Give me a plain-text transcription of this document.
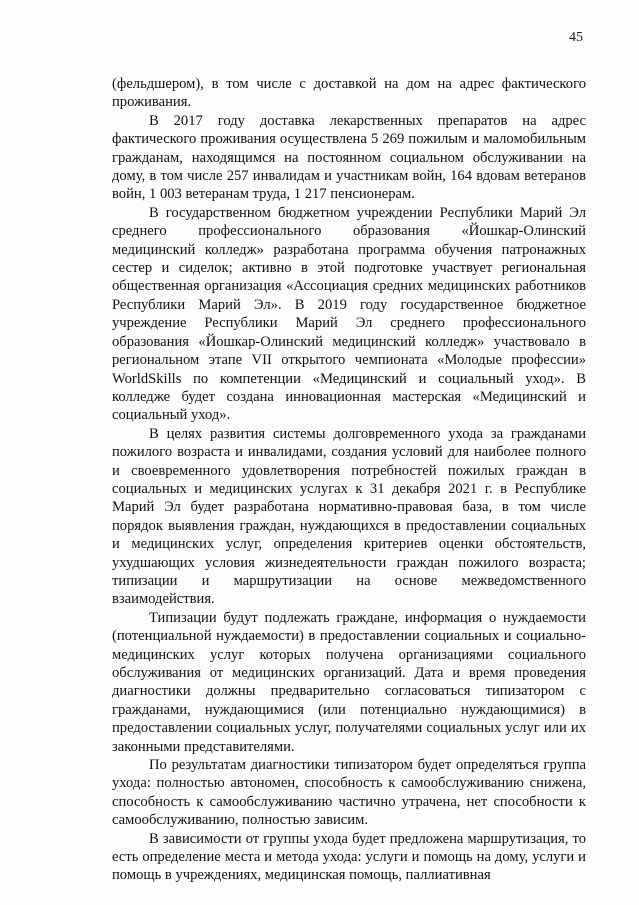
45
·
·
·
·
·

(фельдшером), в том числе с доставкой на дом на адрес фактического проживания.

В 2017 году доставка лекарственных препаратов на адрес фактического проживания осуществлена 5 269 пожилым и маломобильным гражданам, находящимся на постоянном социальном обслуживании на дому, в том числе 257 инвалидам и участникам войн, 164 вдовам ветеранов войн, 1 003 ветеранам труда, 1 217 пенсионерам.

В государственном бюджетном учреждении Республики Марий Эл среднего профессионального образования «Йошкар-Олинский медицинский колледж» разработана программа обучения патронажных сестер и сиделок; активно в этой подготовке участвует региональная общественная организация «Ассоциация средних медицинских работников Республики Марий Эл». В 2019 году государственное бюджетное учреждение Республики Марий Эл среднего профессионального образования «Йошкар-Олинский медицинский колледж» участвовало в региональном этапе VII открытого чемпионата «Молодые профессии» WorldSkills по компетенции «Медицинский и социальный уход». В колледже будет создана инновационная мастерская «Медицинский и социальный уход».

В целях развития системы долговременного ухода за гражданами пожилого возраста и инвалидами, создания условий для наиболее полного и своевременного удовлетворения потребностей пожилых граждан в социальных и медицинских услугах к 31 декабря 2021 г. в Республике Марий Эл будет разработана нормативно-правовая база, в том числе порядок выявления граждан, нуждающихся в предоставлении социальных и медицинских услуг, определения критериев оценки обстоятельств, ухудшающих условия жизнедеятельности граждан пожилого возраста; типизации и маршрутизации на основе межведомственного взаимодействия.

Типизации будут подлежать граждане, информация о нуждаемости (потенциальной нуждаемости) в предоставлении социальных и социально-медицинских услуг которых получена организациями социального обслуживания от медицинских организаций. Дата и время проведения диагностики должны предварительно согласоваться типизатором с гражданами, нуждающимися (или потенциально нуждающимися) в предоставлении социальных услуг, получателями социальных услуг или их законными представителями.

По результатам диагностики типизатором будет определяться группа ухода: полностью автономен, способность к самообслуживанию снижена, способность к самообслуживанию частично утрачена, нет способности к самообслуживанию, полностью зависим.

В зависимости от группы ухода будет предложена маршрутизация, то есть определение места и метода ухода: услуги и помощь на дому, услуги и помощь в учреждениях, медицинская помощь, паллиативная
